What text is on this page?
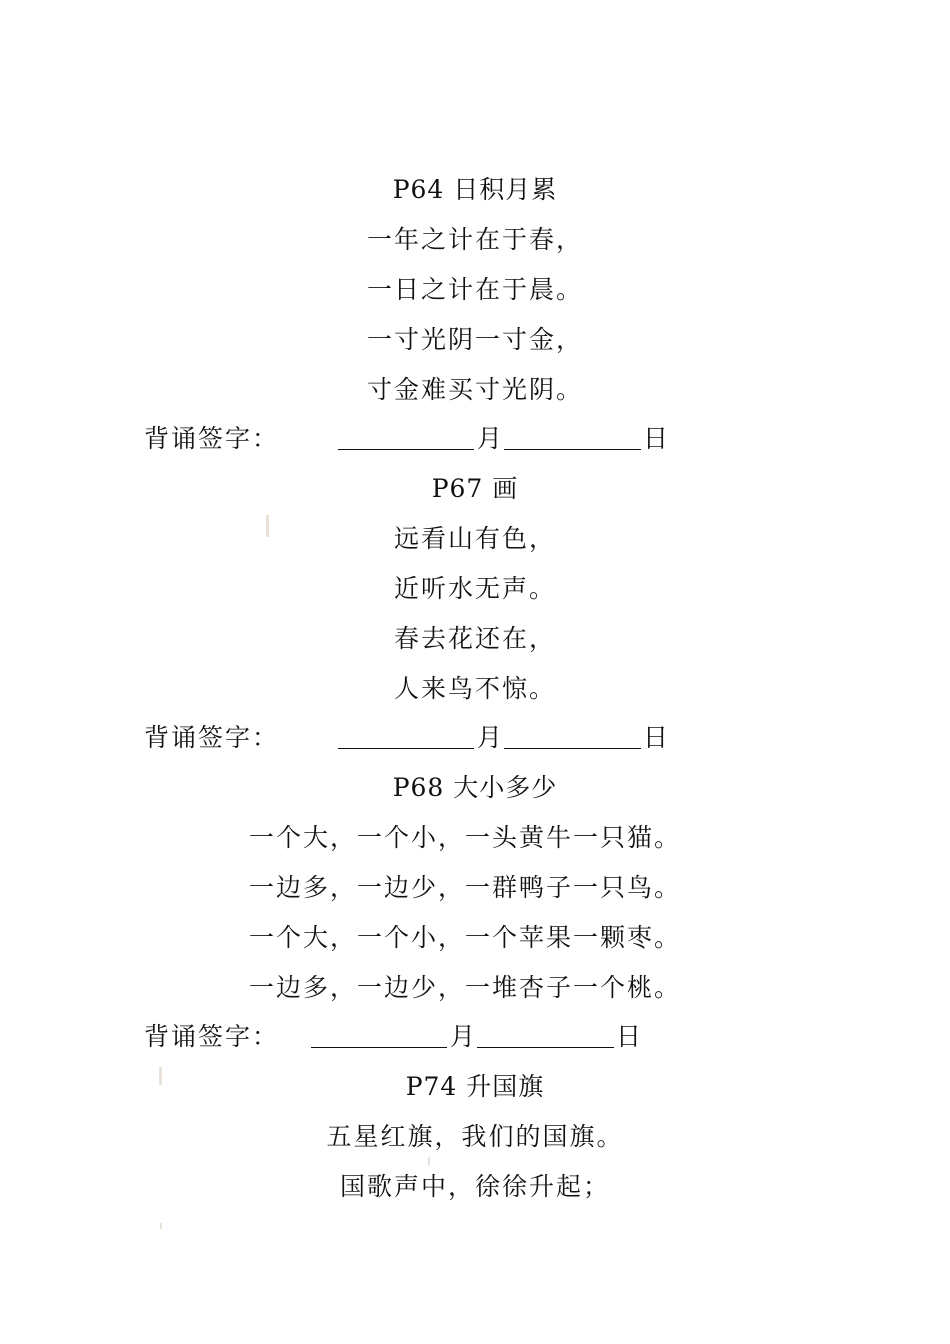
P64 日积月累
一年之计在于春，
一日之计在于晨。
一寸光阴一寸金，
寸金难买寸光阴。
背诵签字：	月	日
P67 画
远看山有色，
近听水无声。
春去花还在，
人来鸟不惊。
背诵签字：	月	日
P68 大小多少
一个大，一个小，一头黄牛一只猫。
一边多，一边少，一群鸭子一只鸟。
一个大，一个小，一个苹果一颗枣。
一边多，一边少，一堆杏子一个桃。
背诵签字：	月	日
P74 升国旗
五星红旗，我们的国旗。
国歌声中，徐徐升起；
